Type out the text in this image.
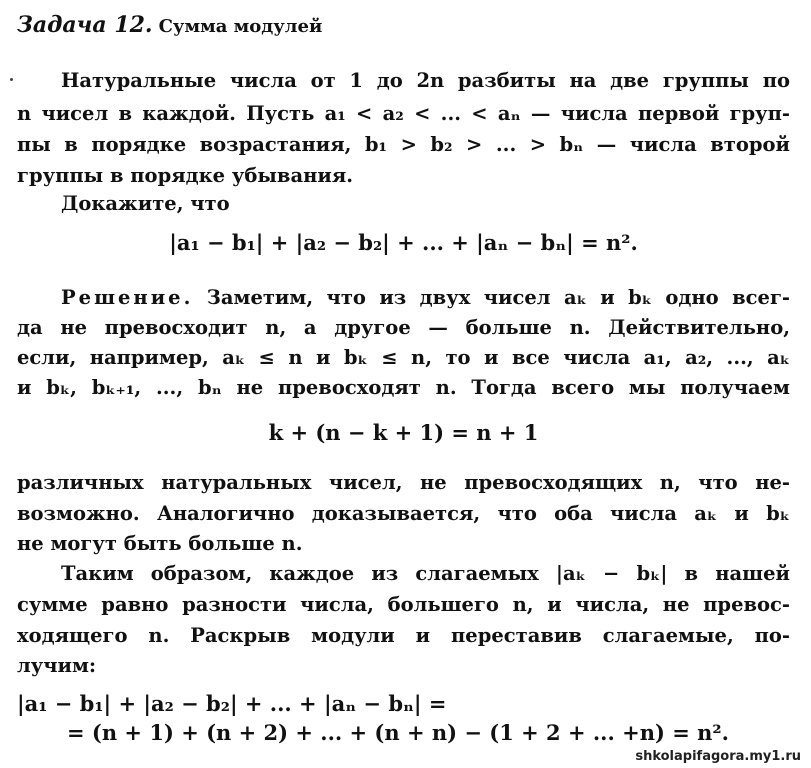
Задача 12. Сумма модулей
Натуральные числа от 1 до 2n разбиты на две группы по
n чисел в каждой. Пусть a₁ < a₂ < ... < aₙ — числа первой груп-
пы в порядке возрастания, b₁ > b₂ > ... > bₙ — числа второй
группы в порядке убывания.
Докажите, что
|a₁ − b₁| + |a₂ − b₂| + ... + |aₙ − bₙ| = n².
Решение. Заметим, что из двух чисел aₖ и bₖ одно всег-
да не превосходит n, а другое — больше n. Действительно,
если, например, aₖ ≤ n и bₖ ≤ n, то и все числа a₁, a₂, ..., aₖ
и bₖ, bₖ₊₁, ..., bₙ не превосходят n. Тогда всего мы получаем
k + (n − k + 1) = n + 1
различных натуральных чисел, не превосходящих n, что не-
возможно. Аналогично доказывается, что оба числа aₖ и bₖ
не могут быть больше n.
Таким образом, каждое из слагаемых |aₖ − bₖ| в нашей
сумме равно разности числа, большего n, и числа, не превос-
ходящего n. Раскрыв модули и переставив слагаемые, по-
лучим:
|a₁ − b₁| + |a₂ − b₂| + ... + |aₙ − bₙ| =
= (n + 1) + (n + 2) + ... + (n + n) − (1 + 2 + ... +n) = n².
shkolapifagora.my1.ru
